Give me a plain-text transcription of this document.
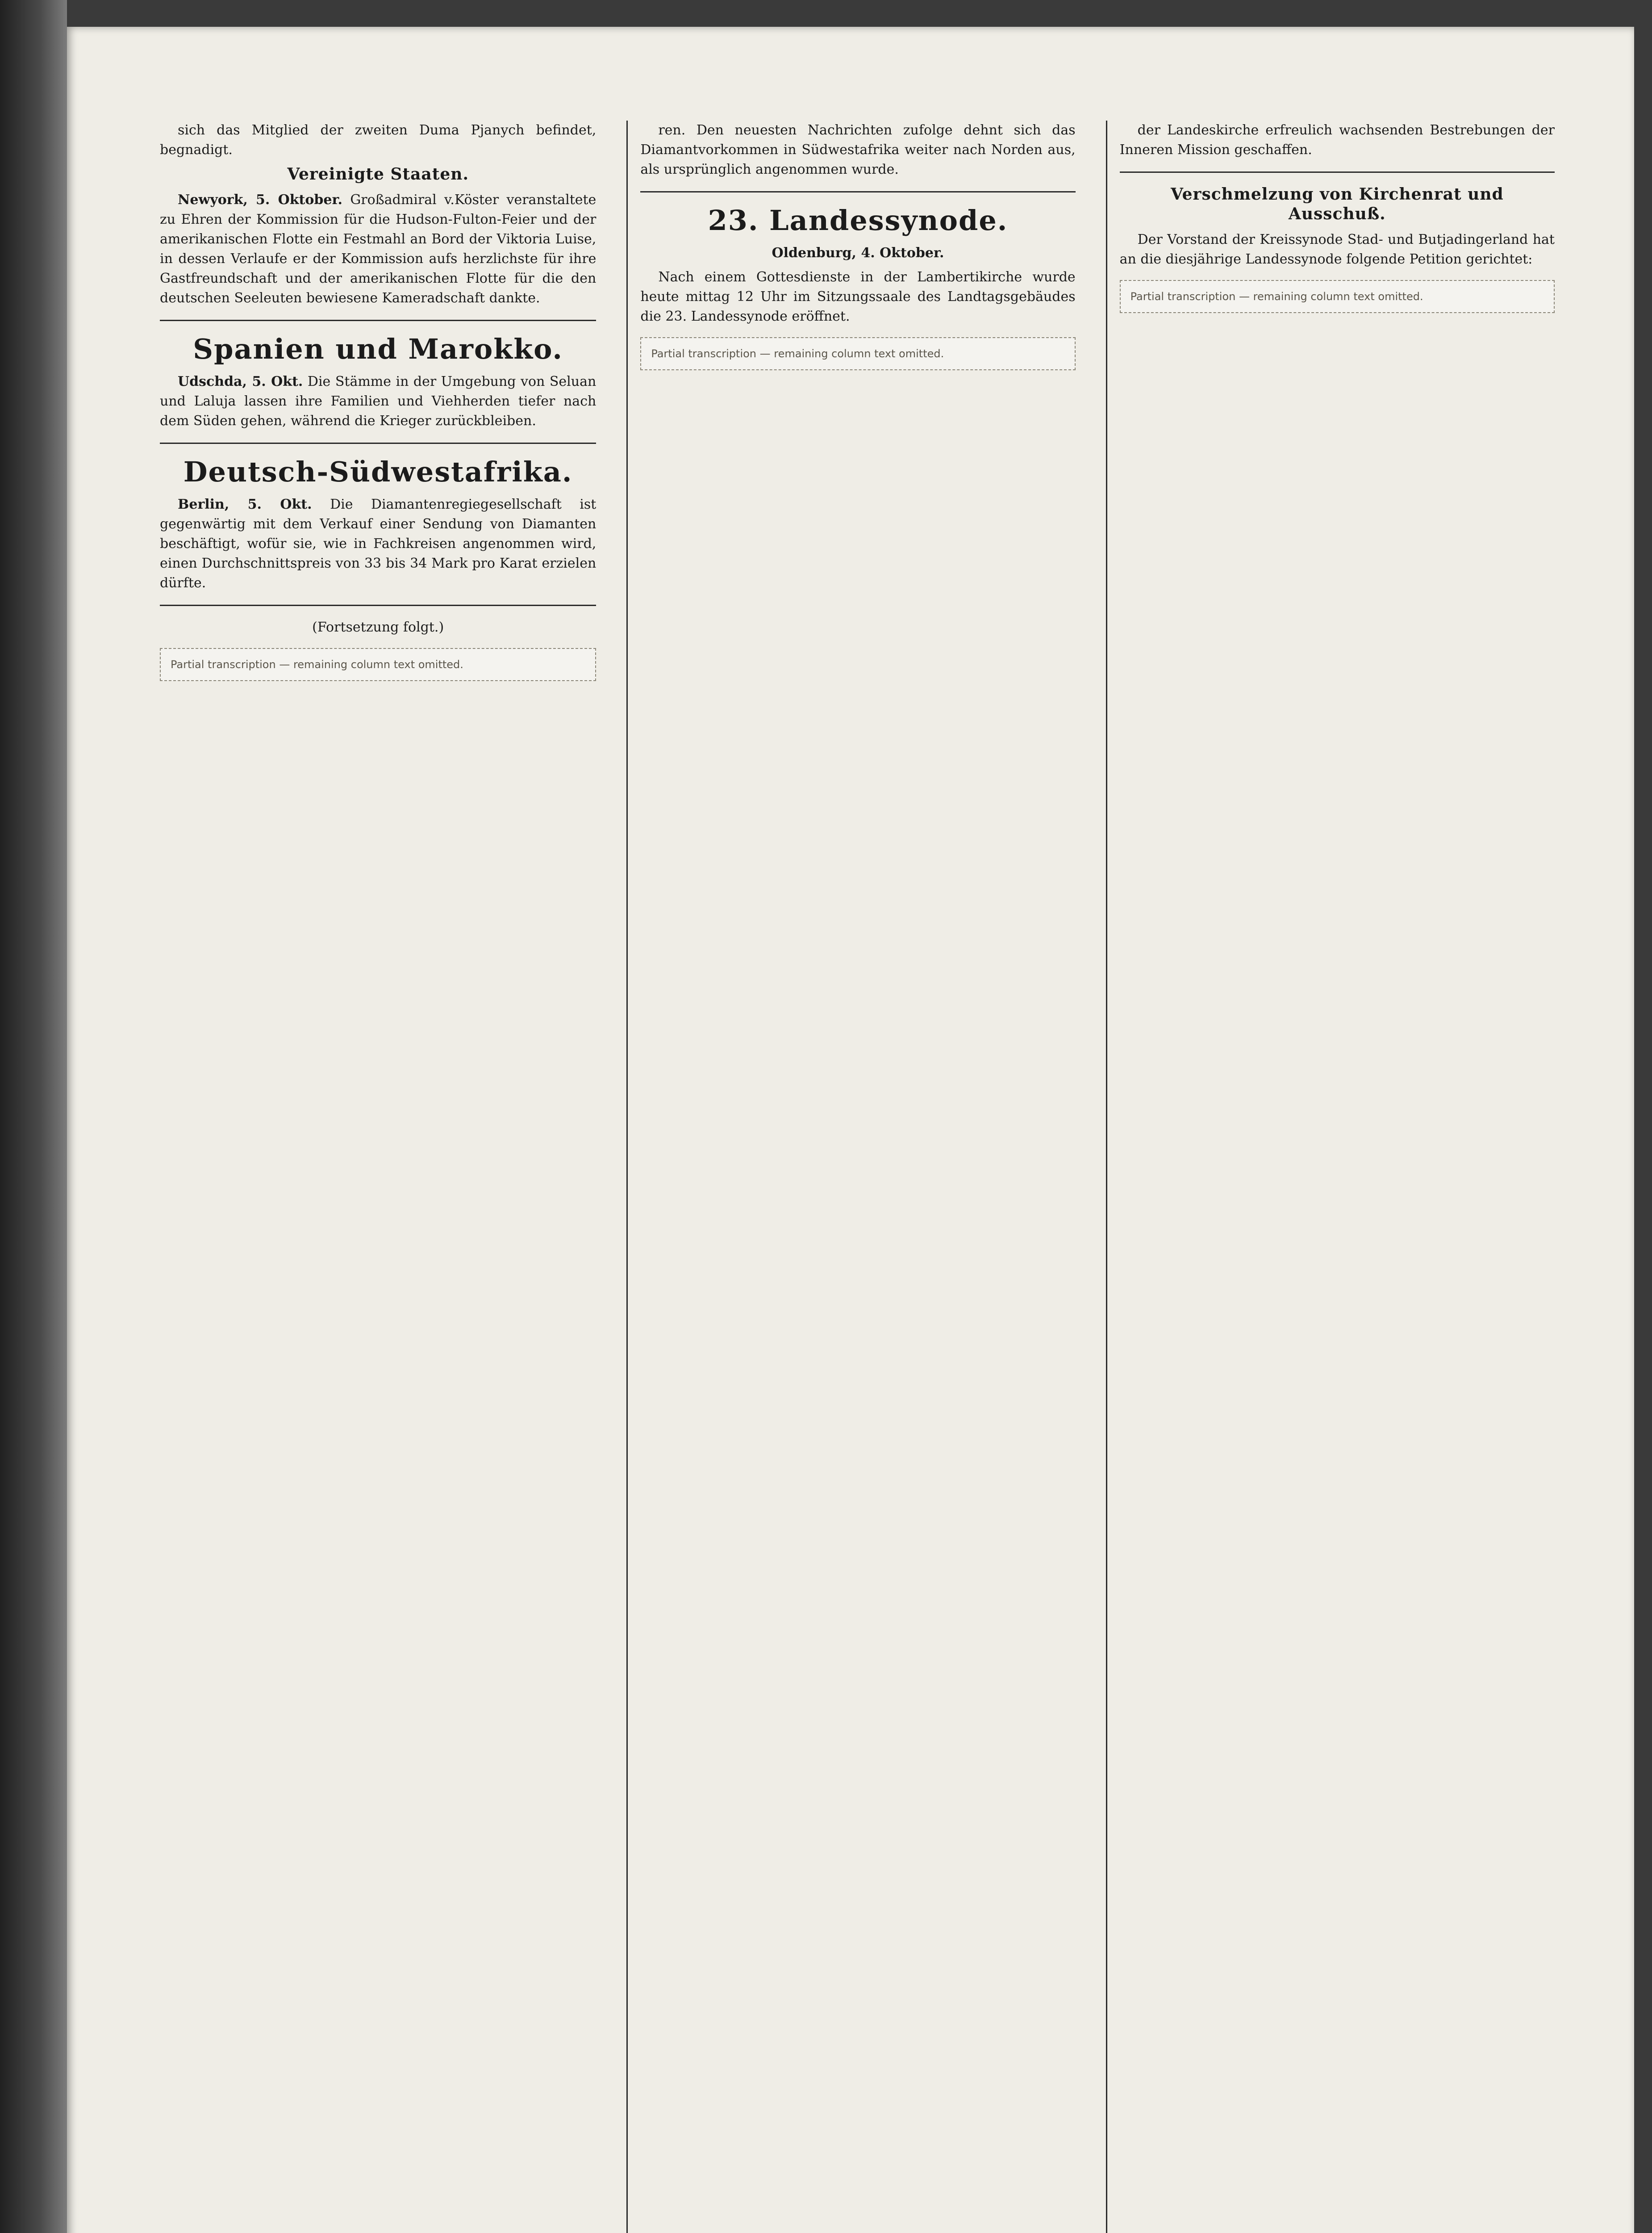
sich das Mitglied der zweiten Duma Pjanych befindet, begnadigt.

Vereinigte Staaten.

Newyork, 5. Oktober. Großadmiral v.Köster veranstaltete zu Ehren der Kommission für die Hudson-Fulton-Feier und der amerikanischen Flotte ein Festmahl an Bord der Viktoria Luise, in dessen Verlaufe er der Kommission aufs herzlichste für ihre Gastfreundschaft und der amerikanischen Flotte für die den deutschen Seeleuten bewiesene Kameradschaft dankte.

Spanien und Marokko.

Udschda, 5. Okt. Die Stämme in der Umgebung von Seluan und Laluja lassen ihre Familien und Viehherden tiefer nach dem Süden gehen, während die Krieger zurückbleiben.

Deutsch-Südwestafrika.

Berlin, 5. Okt. Die Diamantenregiegesellschaft ist gegenwärtig mit dem Verkauf einer Sendung von Diamanten beschäftigt, wofür sie, wie in Fachkreisen angenommen wird, einen Durchschnittspreis von 33 bis 34 Mark pro Karat erzielen dürfte.

(Fortsetzung folgt.)

Partial transcription — remaining column text omitted.

ren. Den neuesten Nachrichten zufolge dehnt sich das Diamantvorkommen in Südwestafrika weiter nach Norden aus, als ursprünglich angenommen wurde.

23. Landessynode.

Oldenburg, 4. Oktober.

Nach einem Gottesdienste in der Lambertikirche wurde heute mittag 12 Uhr im Sitzungssaale des Landtagsgebäudes die 23. Landessynode eröffnet.

Partial transcription — remaining column text omitted.

der Landeskirche erfreulich wachsenden Bestrebungen der Inneren Mission geschaffen.

Verschmelzung von Kirchenrat und Ausschuß.

Der Vorstand der Kreissynode Stad- und Butjadingerland hat an die diesjährige Landessynode folgende Petition gerichtet:

Partial transcription — remaining column text omitted.
